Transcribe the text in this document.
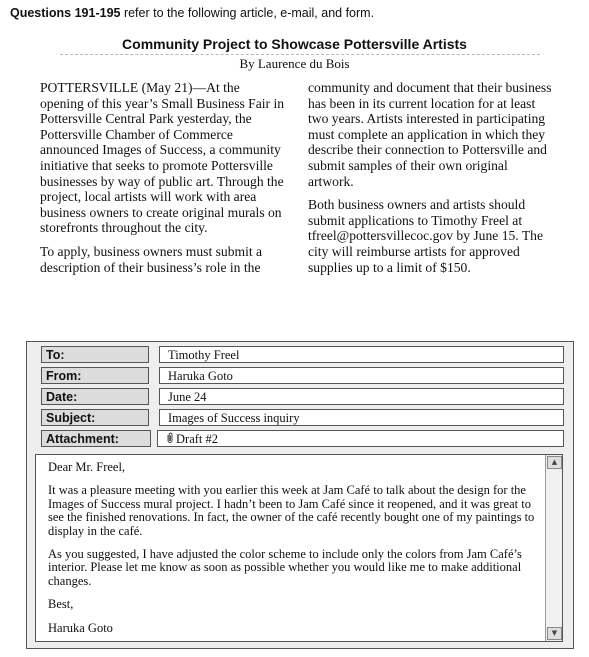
Questions 191-195 refer to the following article, e-mail, and form.
Community Project to Showcase Pottersville Artists
By Laurence du Bois

POTTERSVILLE (May 21)—At the opening of this year’s Small Business Fair in Pottersville Central Park yesterday, the Pottersville Chamber of Commerce announced Images of Success, a community initiative that seeks to promote Pottersville businesses by way of public art. Through the project, local artists will work with area business owners to create original murals on storefronts throughout the city.

To apply, business owners must submit a description of their business’s role in the

community and document that their business has been in its current location for at least two years. Artists interested in participating must complete an application in which they describe their connection to Pottersville and submit samples of their own original artwork.

Both business owners and artists should submit applications to Timothy Freel at tfreel@pottersvillecoc.gov by June 15. The city will reimburse artists for approved supplies up to a limit of $150.

To:	Timothy Freel
From:	Haruka Goto
Date:	June 24
Subject:	Images of Success inquiry
Attachment:	Draft #2

Dear Mr. Freel,

It was a pleasure meeting with you earlier this week at Jam Café to talk about the design for the Images of Success mural project. I hadn’t been to Jam Café since it reopened, and it was great to see the finished renovations. In fact, the owner of the café recently bought one of my paintings to display in the café.

As you suggested, I have adjusted the color scheme to include only the colors from Jam Café’s interior. Please let me know as soon as possible whether you would like me to make additional changes.

Best,

Haruka Goto

▲
▼
